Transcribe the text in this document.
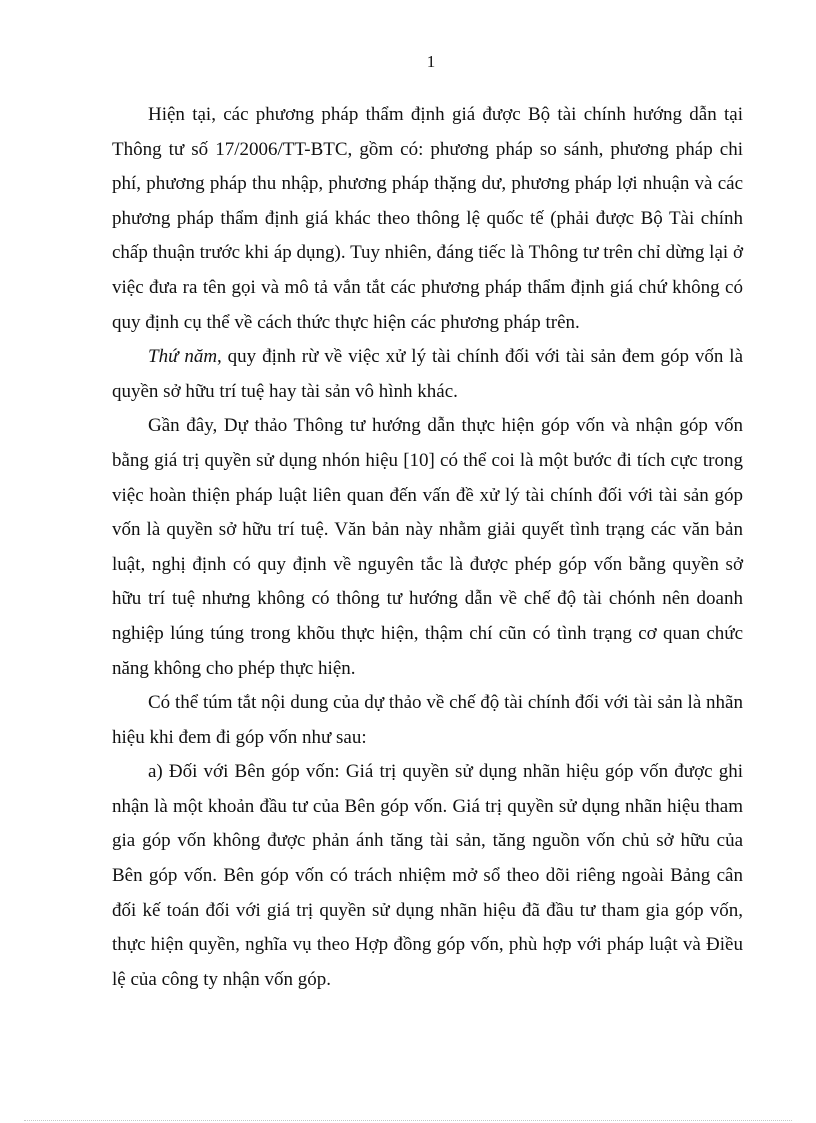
1

Hiện tại, các phương pháp thẩm định giá được Bộ tài chính hướng dẫn tại Thông tư số 17/2006/TT-BTC, gồm có: phương pháp so sánh, phương pháp chi phí, phương pháp thu nhập, phương pháp thặng dư, phương pháp lợi nhuận và các phương pháp thẩm định giá khác theo thông lệ quốc tế (phải được Bộ Tài chính chấp thuận trước khi áp dụng). Tuy nhiên, đáng tiếc là Thông tư trên chỉ dừng lại ở việc đưa ra tên gọi và mô tả vắn tắt các phương pháp thẩm định giá chứ không có quy định cụ thể về cách thức thực hiện các phương pháp trên.

Thứ năm, quy định rừ về việc xử lý tài chính đối với tài sản đem góp vốn là quyền sở hữu trí tuệ hay tài sản vô hình khác.

Gần đây, Dự thảo Thông tư hướng dẫn thực hiện góp vốn và nhận góp vốn bằng giá trị quyền sử dụng nhón hiệu [10] có thể coi là một bước đi tích cực trong việc hoàn thiện pháp luật liên quan đến vấn đề xử lý tài chính đối với tài sản góp vốn là quyền sở hữu trí tuệ. Văn bản này nhằm giải quyết tình trạng các văn bản luật, nghị định có quy định về nguyên tắc là được phép góp vốn bằng quyền sở hữu trí tuệ nhưng không có thông tư hướng dẫn về chế độ tài chónh nên doanh nghiệp lúng túng trong khõu thực hiện, thậm chí cũn có tình trạng cơ quan chức năng không cho phép thực hiện.

Có thể túm tắt nội dung của dự thảo về chế độ tài chính đối với tài sản là nhãn hiệu khi đem đi góp vốn như sau:

a) Đối với Bên góp vốn: Giá trị quyền sử dụng nhãn hiệu góp vốn được ghi nhận là một khoản đầu tư của Bên góp vốn. Giá trị quyền sử dụng nhãn hiệu tham gia góp vốn không được phản ánh tăng tài sản, tăng nguồn vốn chủ sở hữu của Bên góp vốn. Bên góp vốn có trách nhiệm mở sổ theo dõi riêng ngoài Bảng cân đối kế toán đối với giá trị quyền sử dụng nhãn hiệu đã đầu tư tham gia góp vốn, thực hiện quyền, nghĩa vụ theo Hợp đồng góp vốn, phù hợp với pháp luật và Điều lệ của công ty nhận vốn góp.
